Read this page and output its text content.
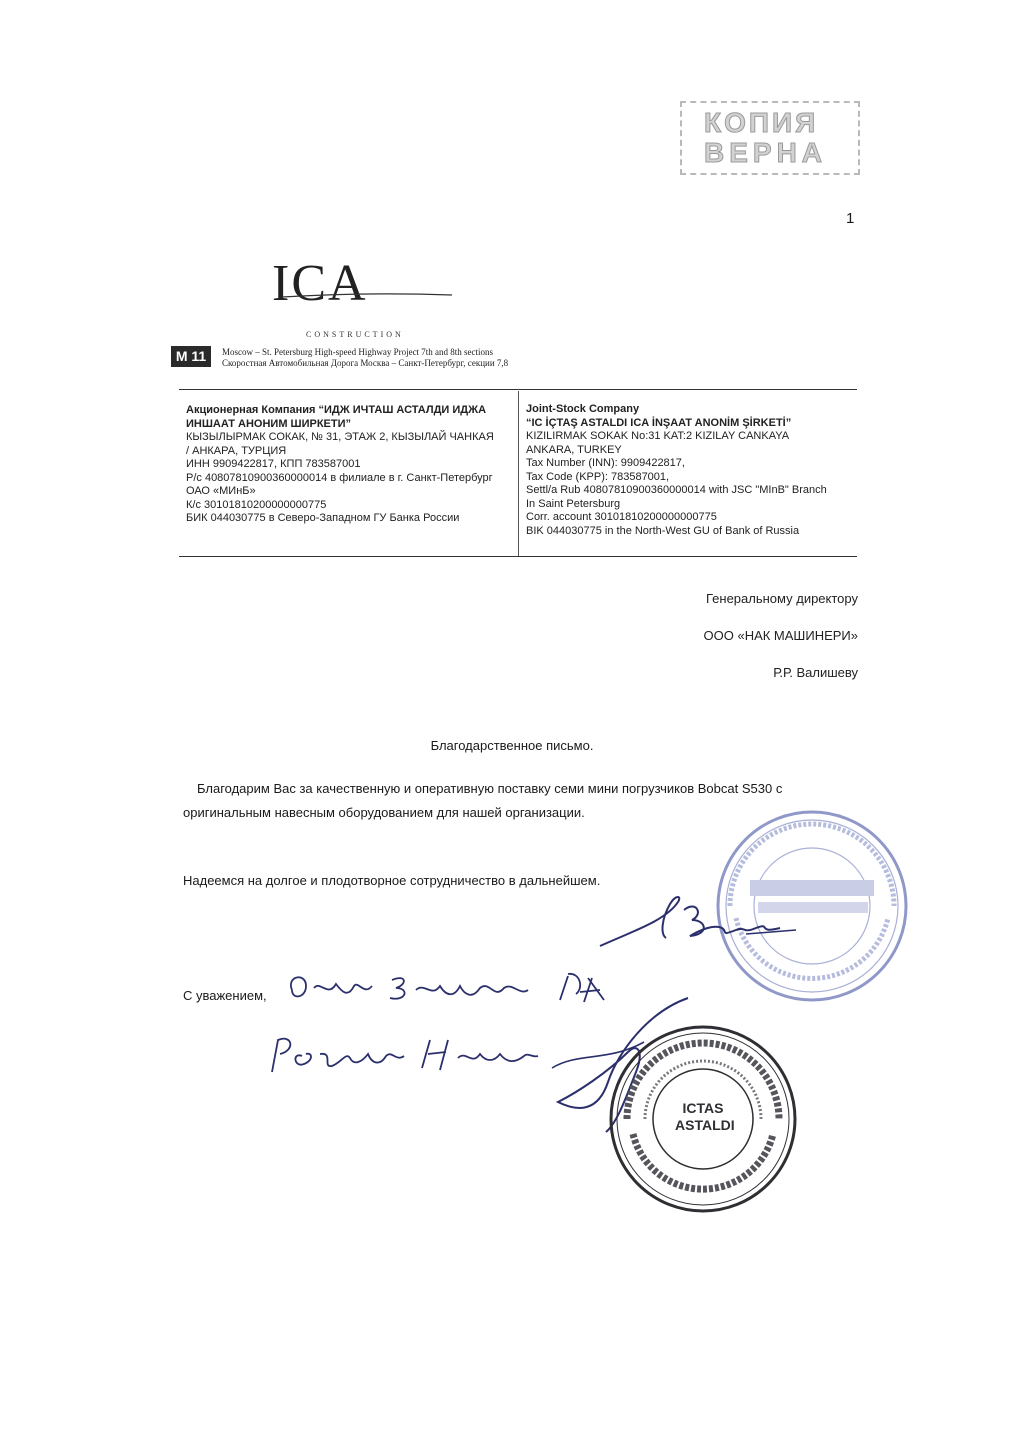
КОПИЯ
ВЕРНА
1
ICA
CONSTRUCTION
M 11	Moscow – St. Petersburg High-speed Highway Project 7th and 8th sections
Скоростная Автомобильная Дорога Москва – Санкт-Петербург, секции 7,8
Акционерная Компания “ИДЖ ИЧТАШ АСТАЛДИ ИДЖА
ИНШААТ АНОНИМ ШИРКЕТИ”
КЫЗЫЛЫРМАК СОКАК, № 31, ЭТАЖ 2, КЫЗЫЛАЙ ЧАНКАЯ
/ АНКАРА, ТУРЦИЯ
ИНН 9909422817, КПП 783587001
Р/с 40807810900360000014 в филиале в г. Санкт-Петербург
ОАО «МИнБ»
К/с 30101810200000000775
БИК 044030775 в Северо-Западном ГУ Банка России
Joint-Stock Company
“IC İÇTAŞ ASTALDI ICA İNŞAAT ANONİM ŞİRKETİ”
KIZILIRMAK SOKAK No:31 KAT:2 KIZILAY CANKAYA
ANKARA, TURKEY
Tax Number (INN): 9909422817,
Tax Code (KPP): 783587001,
Settl/a Rub 40807810900360000014 with JSC "MInB" Branch
In Saint Petersburg
Corr. account 30101810200000000775
BIK 044030775 in the North-West GU of Bank of Russia
Генеральному директору
ООО «НАК МАШИНЕРИ»
Р.Р. Валишеву
Благодарственное письмо.
Благодарим Вас за качественную и оперативную поставку семи мини погрузчиков Bobcat S530 с оригинальным навесным оборудованием для нашей организации.
Надеемся на долгое и плодотворное сотрудничество в дальнейшем.
С уважением,
ICTAS
ASTALDI
